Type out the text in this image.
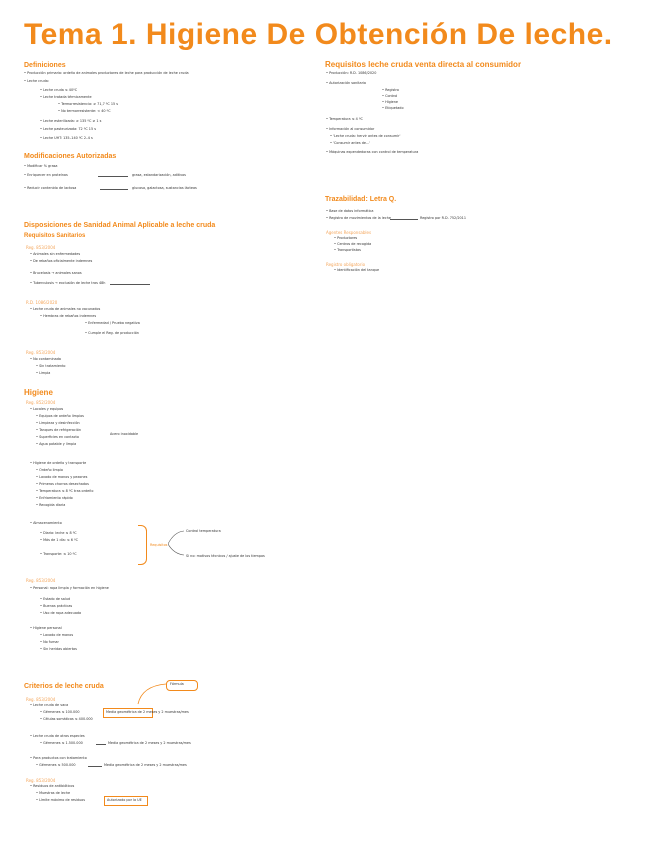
Tema 1. Higiene De Obtención De leche.
Definiciones
• Producción primaria: ordeño de animales productores de leche para producción de leche cruda
• Leche cruda:
• Leche cruda ≤ 40ºC
• Leche tratada térmicamente
• Termorresistencia: ≥ 71,7 ºC 15 s
• No termorresistente: < 40 ºC
• Leche esterilizada: ≥ 135 ºC ≥ 1 s
• Leche pasteurizada: 72 ºC 15 s
• Leche UHT: 135–140 ºC 2–4 s
Modificaciones Autorizadas
• Modificar % grasa
• Enriquecer en proteínas	grasa, estandarización, aditivos
• Reducir contenido de lactosa	glucosa, galactosa, sustancias lácteas
Disposiciones de Sanidad Animal Aplicable a leche cruda
Requisitos Sanitarios
Reg. 853/2004
• Animales sin enfermedades
• De rebaños oficialmente indemnes
• Brucelosis → animales sanos
• Tuberculosis → exclusión de leche tras 48h
R.D. 1086/2020
• Leche cruda de animales no vacunados
• Hembras de rebaños indemnes
• Enfermedad / Prueba negativa
• Cumple el Reg. de producción
Reg. 853/2004
• No contaminada
• Sin tratamiento
• Limpia
Higiene
Reg. 852/2004
• Locales y equipos
• Equipos de ordeño limpios
• Limpieza y desinfección
• Tanques de refrigeración
• Superficies en contacto
• Agua potable y limpia
Acero inoxidable
• Higiene de ordeño y transporte
• Ordeño limpio
• Lavado de manos y pezones
• Primeros chorros desechados
• Temperatura ≤ 8 ºC tras ordeño
• Enfriamiento rápido
• Recogida diaria
• Almacenamiento
• Diaria: leche ≤ 8 ºC
• Más de 1 día: ≤ 6 ºC
• Transporte: ≤ 10 ºC
Requisitos
Control temperatura
Si no: motivos técnicos / ajuste de los tiempos
Reg. 853/2004
• Personal: ropa limpia y formación en higiene
• Estado de salud
• Buenas prácticas
• Uso de ropa adecuada
• Higiene personal
• Lavado de manos
• No fumar
• Sin heridas abiertas
Criterios de leche cruda	Fórmula
Reg. 853/2004
• Leche cruda de vaca
• Gérmenes ≤ 100.000
• Células somáticas ≤ 400.000
Media geométrica de 2 meses y 2 muestras/mes
• Leche cruda de otras especies
• Gérmenes ≤ 1.500.000	Media geométrica de 2 meses y 2 muestras/mes
• Para productos con tratamiento
• Gérmenes ≤ 500.000	Media geométrica de 2 meses y 2 muestras/mes
Reg. 853/2004
• Residuos de antibióticos
• Muestras de leche
• Límite máximo de residuos	Autorizado por la UE
Requisitos leche cruda venta directa al consumidor
• Producción: R.D. 1086/2020
• Autorización sanitaria
• Registro
• Control
• Higiene
• Etiquetado
• Temperatura ≤ 4 ºC
• Información al consumidor
• 'Leche cruda: hervir antes de consumir'
• 'Consumir antes de…'
• Máquinas expendedoras con control de temperatura
Trazabilidad: Letra Q.
• Base de datos informática
• Registro de movimientos de la leche	Registro por R.D. 752/2011
Agentes Responsables
• Productores
• Centros de recogida
• Transportistas
Registro obligatorio
• Identificación del tanque
